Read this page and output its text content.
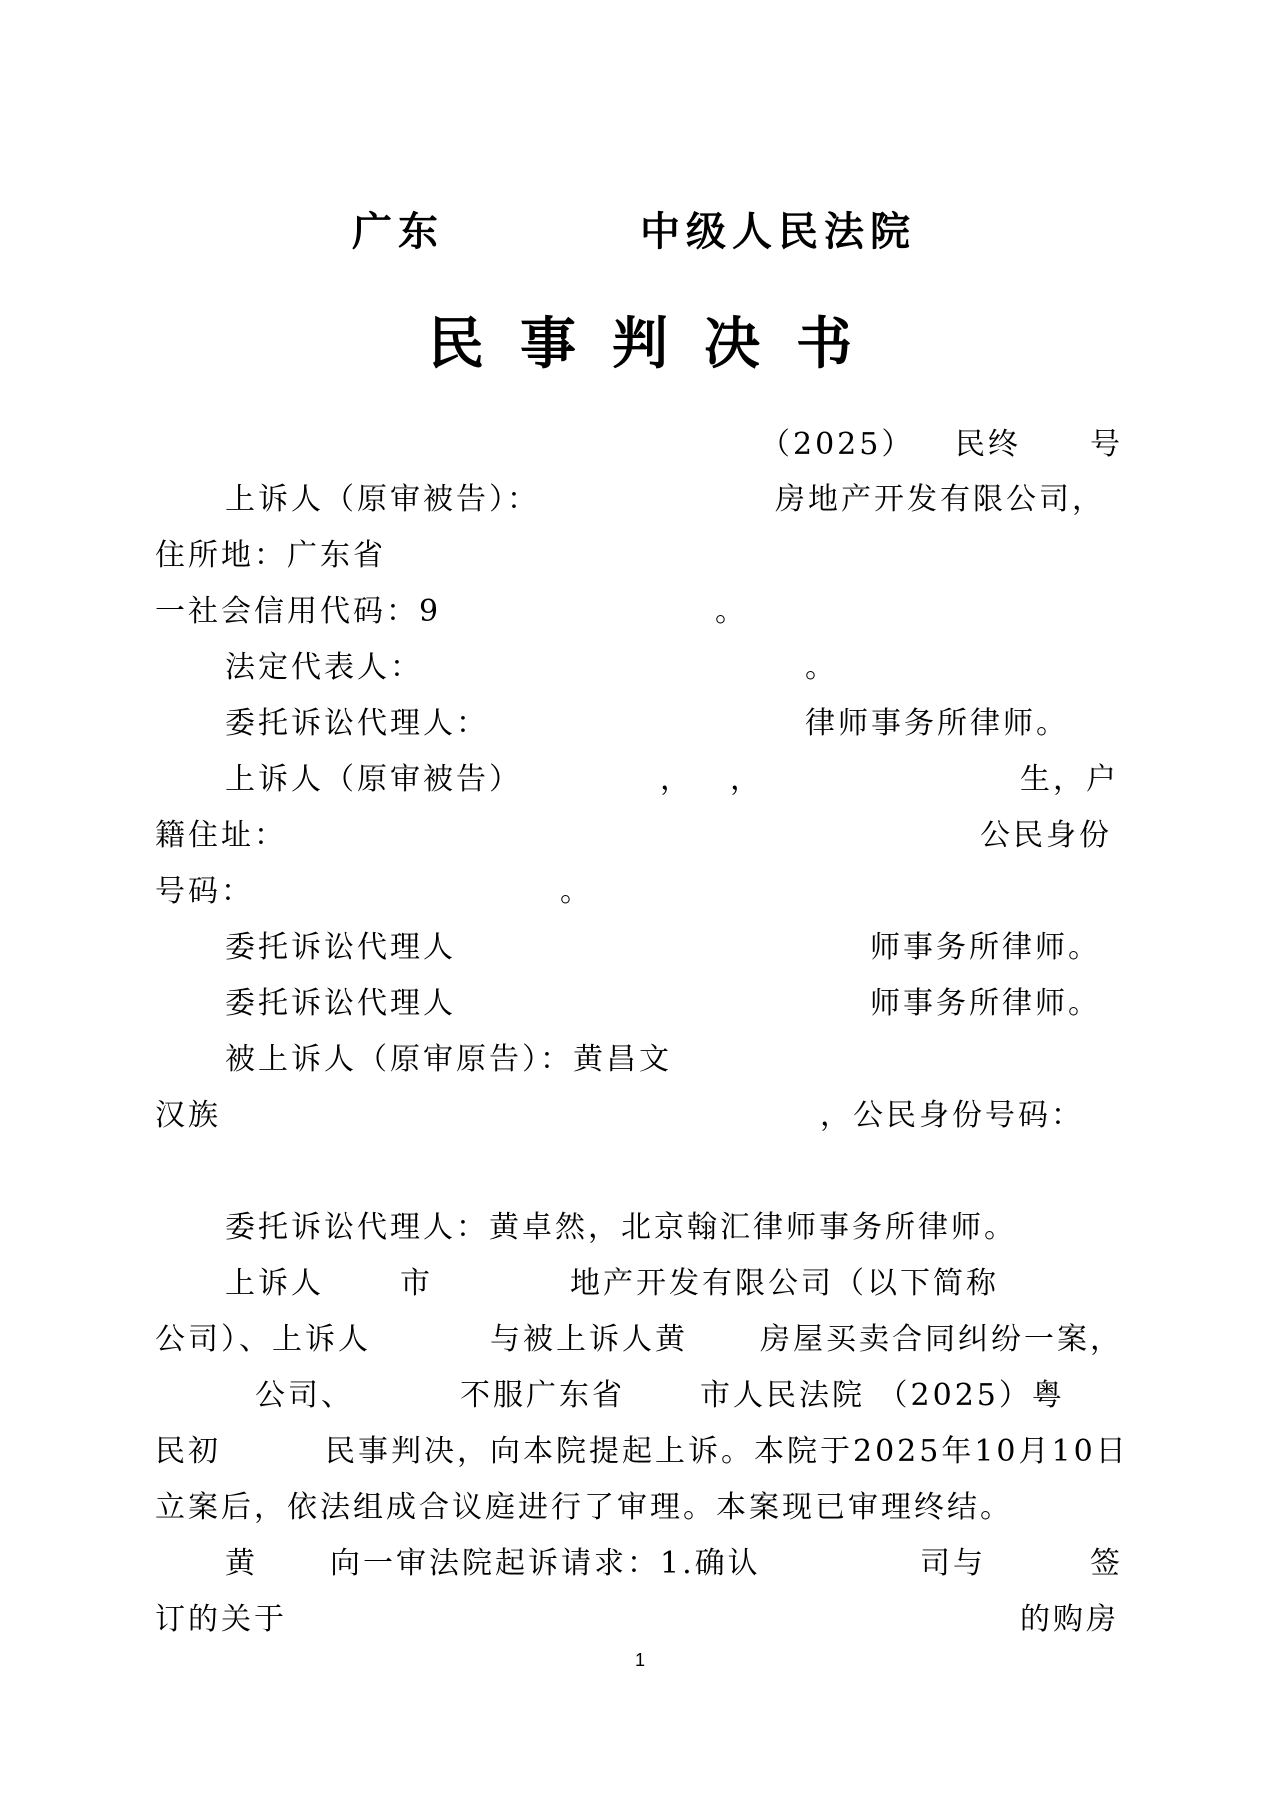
广东	中级人民法院
民事判决书
（2025） 民终 号
上诉人（原审被告）：	房地产开发有限公司，
住所地：广东省
一社会信用代码：9	。
法定代表人：	。
委托诉讼代理人：	律师事务所律师。
上诉人（原审被告）	， ，	生，户
籍住址：	公民身份
号码：	。
委托诉讼代理人	师事务所律师。
委托诉讼代理人	师事务所律师。
被上诉人（原审原告）：黄昌文
汉族	，公民身份号码：
委托诉讼代理人：黄卓然，北京翰汇律师事务所律师。
上诉人	市	地产开发有限公司（以下简称
公司）、上诉人	与被上诉人黄 房屋买卖合同纠纷一案，
公司、	不服广东省	市人民法院 （2025）粤
民初	民事判决，向本院提起上诉。本院于2025年10月10日
立案后，依法组成合议庭进行了审理。本案现已审理终结。
黄 向一审法院起诉请求：1.确认	司与	签
订的关于	的购房
1
